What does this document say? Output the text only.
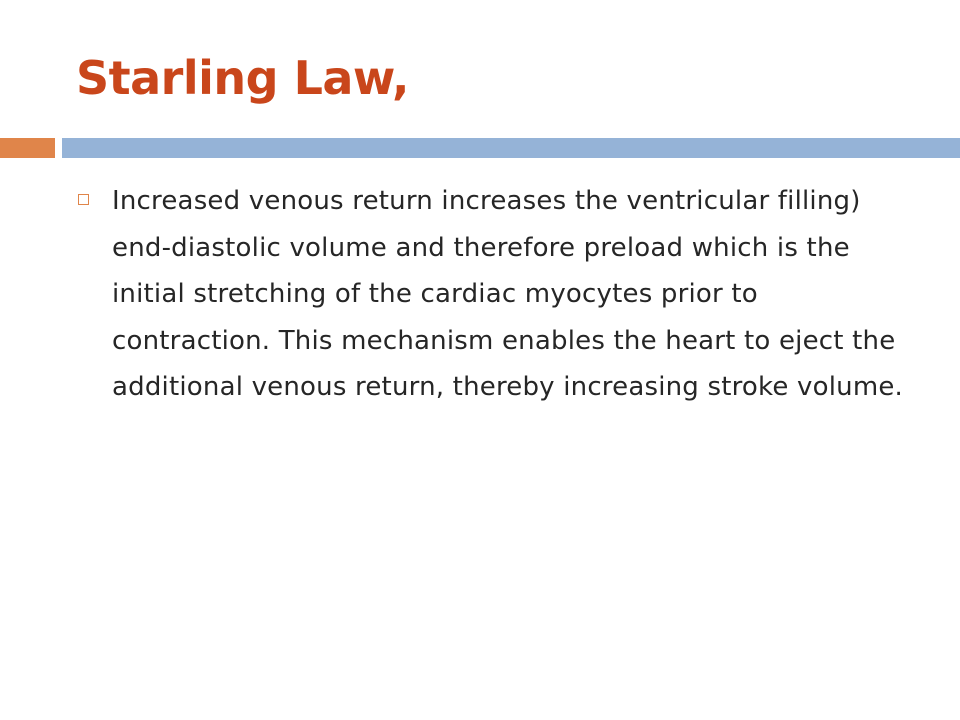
Starling Law,

Increased venous return increases the ventricular filling) end-diastolic volume and therefore preload which is the initial stretching of the cardiac myocytes prior to contraction. This mechanism enables the heart to eject the additional venous return, thereby increasing stroke volume.
